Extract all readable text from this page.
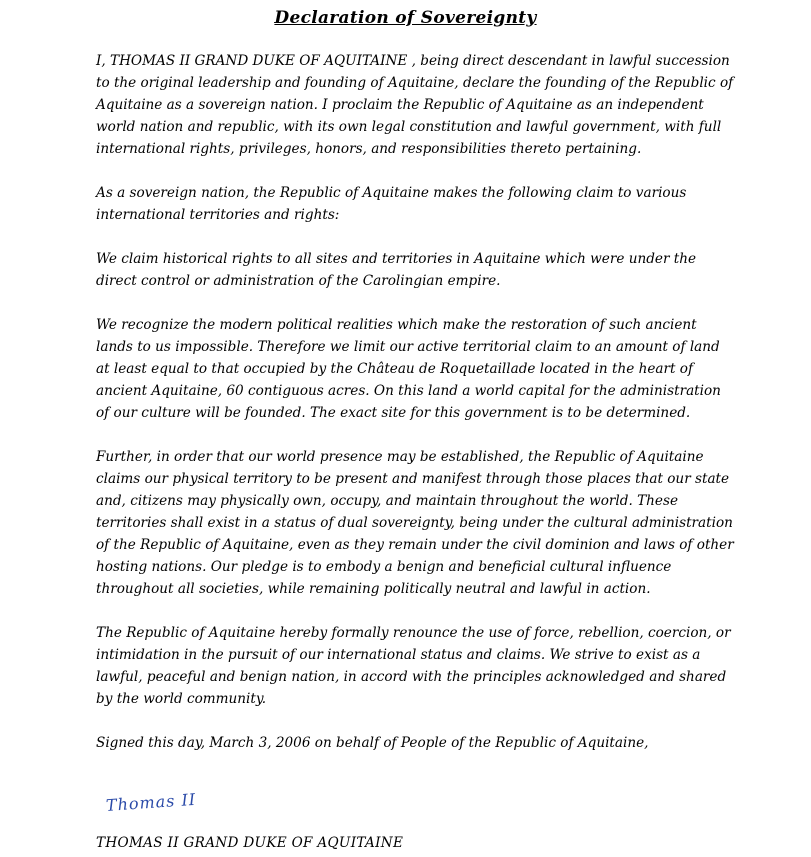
Declaration of Sovereignty

I, THOMAS II GRAND DUKE OF AQUITAINE , being direct descendant in lawful succession to the original leadership and founding of Aquitaine, declare the founding of the Republic of Aquitaine as a sovereign nation. I proclaim the Republic of Aquitaine as an independent world nation and republic, with its own legal constitution and lawful government, with full international rights, privileges, honors, and responsibilities thereto pertaining.

As a sovereign nation, the Republic of Aquitaine makes the following claim to various international territories and rights:

We claim historical rights to all sites and territories in Aquitaine which were under the direct control or administration of the Carolingian empire.

We recognize the modern political realities which make the restoration of such ancient lands to us impossible. Therefore we limit our active territorial claim to an amount of land at least equal to that occupied by the Château de Roquetaillade located in the heart of ancient Aquitaine, 60 contiguous acres. On this land a world capital for the administration of our culture will be founded. The exact site for this government is to be determined.

Further, in order that our world presence may be established, the Republic of Aquitaine claims our physical territory to be present and manifest through those places that our state and, citizens may physically own, occupy, and maintain throughout the world. These territories shall exist in a status of dual sovereignty, being under the cultural administration of the Republic of Aquitaine, even as they remain under the civil dominion and laws of other hosting nations. Our pledge is to embody a benign and beneficial cultural influence throughout all societies, while remaining politically neutral and lawful in action.

The Republic of Aquitaine hereby formally renounce the use of force, rebellion, coercion, or intimidation in the pursuit of our international status and claims. We strive to exist as a lawful, peaceful and benign nation, in accord with the principles acknowledged and shared by the world community.

Signed this day, March 3, 2006 on behalf of People of the Republic of Aquitaine,

Thomas II
THOMAS II GRAND DUKE OF AQUITAINE
